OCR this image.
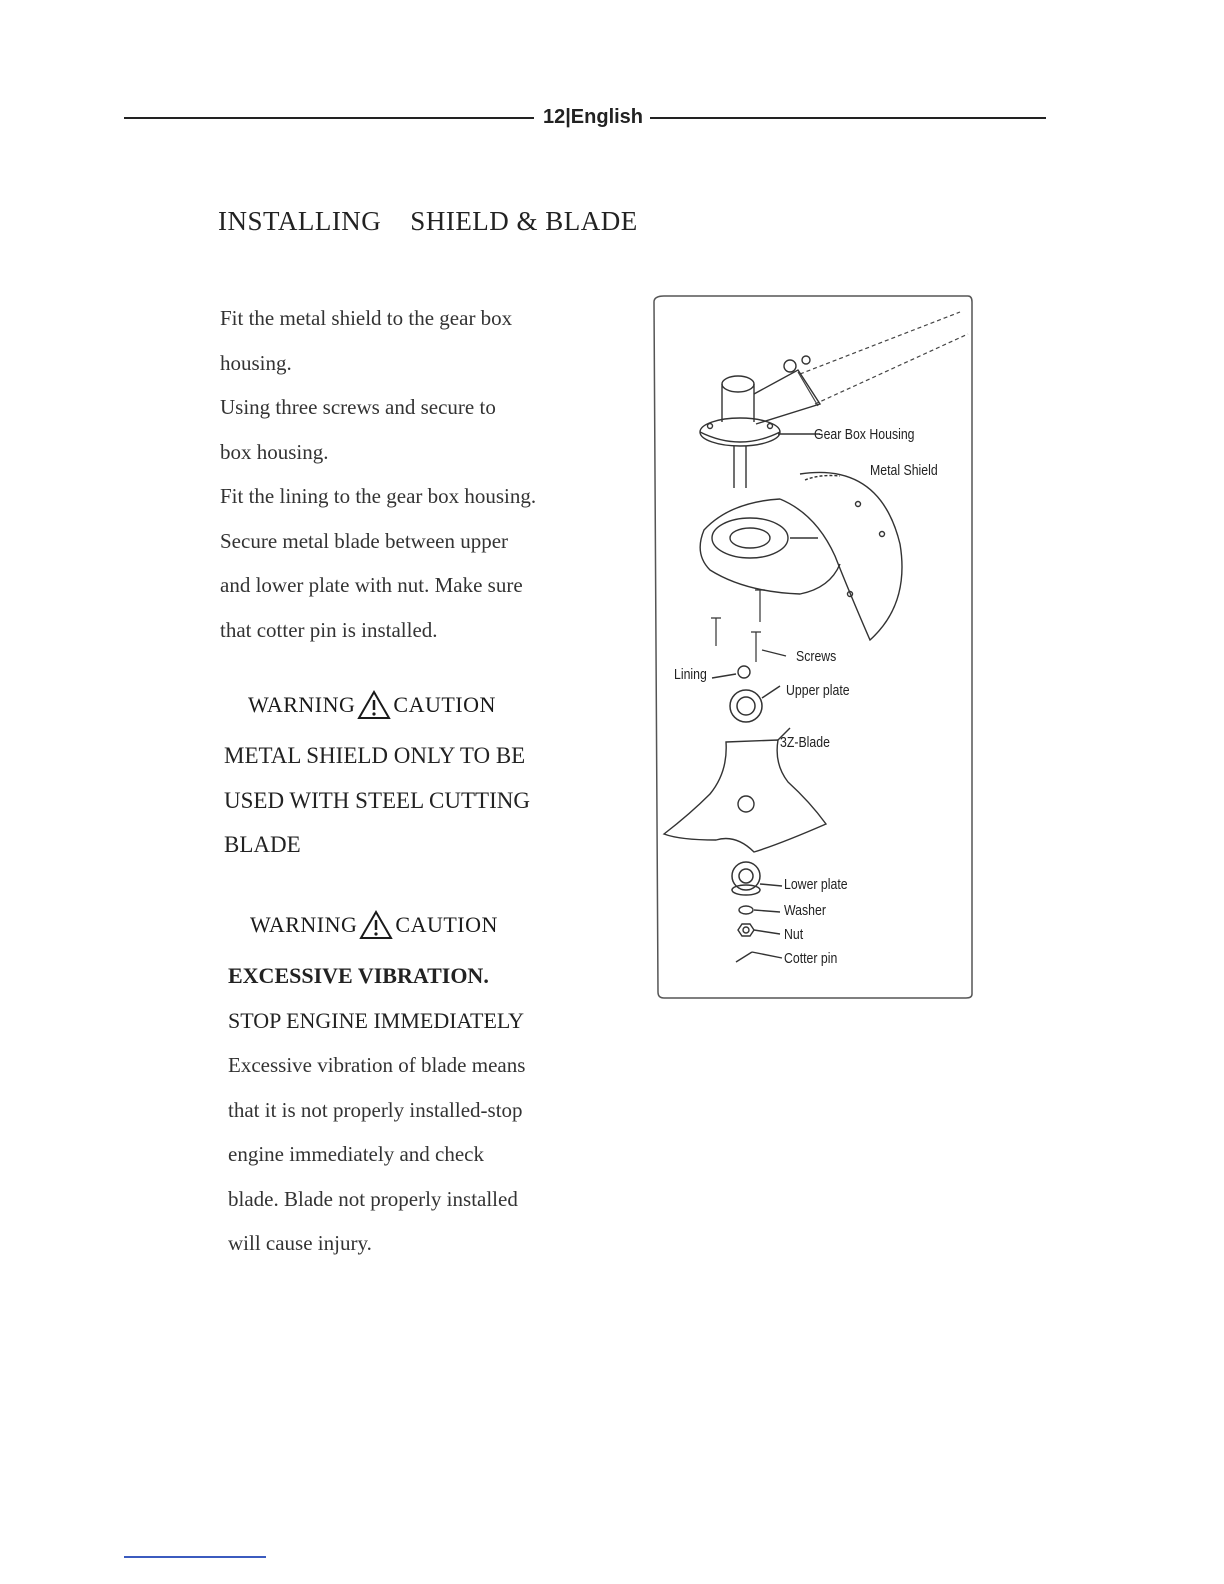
12|English
INSTALLING    SHIELD & BLADE

Fit the metal shield to the gear box

housing.

Using three screws and secure to

box housing.

Fit the lining to the gear box housing.

Secure metal blade between upper

and lower plate with nut. Make sure

that cotter pin is installed.

WARNING CAUTION

METAL SHIELD ONLY TO BE

USED WITH STEEL CUTTING

BLADE

WARNING CAUTION

EXCESSIVE VIBRATION.

STOP ENGINE IMMEDIATELY

Excessive vibration of blade means

that it is not properly installed-stop

engine immediately and check

blade. Blade not properly installed

will cause injury.

Gear Box Housing
Metal Shield
Screws
Lining
Upper plate
3Z-Blade
Lower plate
Washer
Nut
Cotter pin
